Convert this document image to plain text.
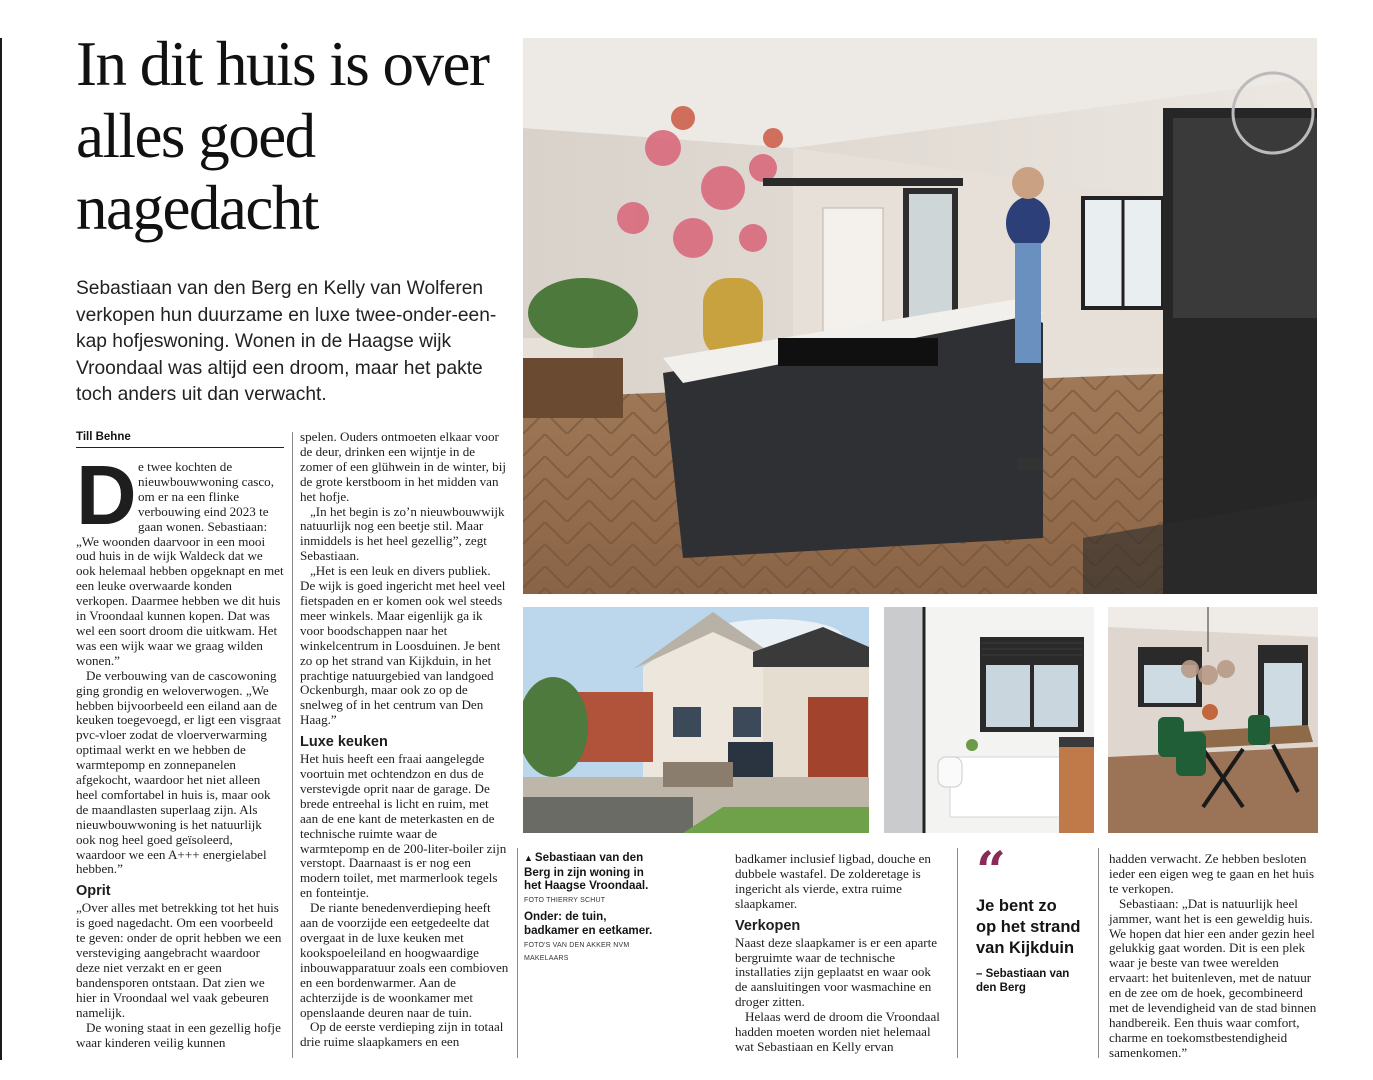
In dit huis is over alles goed nagedacht

Sebastiaan van den Berg en Kelly van Wolferen verkopen hun duurzame en luxe twee-onder-een-kap hofjeswoning. Wonen in de Haagse wijk Vroondaal was altijd een droom, maar het pakte toch anders uit dan verwacht.

Till Behne

De twee kochten de nieuwbouwwoning casco, om er na een flinke verbouwing eind 2023 te gaan wonen. Sebastiaan: „We woonden daarvoor in een mooi oud huis in de wijk Waldeck dat we ook helemaal hebben opgeknapt en met een leuke overwaarde konden verkopen. Daarmee hebben we dit huis in Vroondaal kunnen kopen. Dat was wel een soort droom die uitkwam. Het was een wijk waar we graag wilden wonen.”

De verbouwing van de cascowoning ging grondig en weloverwogen. „We hebben bijvoorbeeld een eiland aan de keuken toegevoegd, er ligt een visgraat pvc-vloer zodat de vloerverwarming optimaal werkt en we hebben de warmtepomp en zonnepanelen afgekocht, waardoor het niet alleen heel comfortabel in huis is, maar ook de maandlasten superlaag zijn. Als nieuwbouwwoning is het natuurlijk ook nog heel goed geïsoleerd, waardoor we een A+++ energielabel hebben.”

Oprit

„Over alles met betrekking tot het huis is goed nagedacht. Om een voorbeeld te geven: onder de oprit hebben we een versteviging aangebracht waardoor deze niet verzakt en er geen bandensporen ontstaan. Dat zien we hier in Vroondaal wel vaak gebeuren namelijk.

De woning staat in een gezellig hofje waar kinderen veilig kunnen

spelen. Ouders ontmoeten elkaar voor de deur, drinken een wijntje in de zomer of een glühwein in de winter, bij de grote kerstboom in het midden van het hofje.

„In het begin is zo’n nieuwbouwwijk natuurlijk nog een beetje stil. Maar inmiddels is het heel gezellig”, zegt Sebastiaan.

„Het is een leuk en divers publiek. De wijk is goed ingericht met heel veel fietspaden en er komen ook wel steeds meer winkels. Maar eigenlijk ga ik voor boodschappen naar het winkelcentrum in Loosduinen. Je bent zo op het strand van Kijkduin, in het prachtige natuurgebied van landgoed Ockenburgh, maar ook zo op de snelweg of in het centrum van Den Haag.”

Luxe keuken

Het huis heeft een fraai aangelegde voortuin met ochtendzon en dus de verstevigde oprit naar de garage. De brede entreehal is licht en ruim, met aan de ene kant de meterkasten en de technische ruimte waar de warmtepomp en de 200-liter-boiler zijn verstopt. Daarnaast is er nog een modern toilet, met marmerlook tegels en fonteintje.

De riante benedenverdieping heeft aan de voorzijde een eetgedeelte dat overgaat in de luxe keuken met kookspoeleiland en hoogwaardige inbouwapparatuur zoals een combioven en een bordenwarmer. Aan de achterzijde is de woonkamer met openslaande deuren naar de tuin.

Op de eerste verdieping zijn in totaal drie ruime slaapkamers en een

▲ Sebastiaan van den Berg in zijn woning in het Haagse Vroondaal.
FOTO THIERRY SCHUT
Onder: de tuin, badkamer en eetkamer.
FOTO'S VAN DEN AKKER NVM MAKELAARS

badkamer inclusief ligbad, douche en dubbele wastafel. De zolderetage is ingericht als vierde, extra ruime slaapkamer.

Verkopen

Naast deze slaapkamer is er een aparte bergruimte waar de technische installaties zijn geplaatst en waar ook de aansluitingen voor wasmachine en droger zitten.

Helaas werd de droom die Vroondaal hadden moeten worden niet helemaal wat Sebastiaan en Kelly ervan

“
Je bent zo op het strand van Kijkduin
– Sebastiaan van den Berg

hadden verwacht. Ze hebben besloten ieder een eigen weg te gaan en het huis te verkopen.

Sebastiaan: „Dat is natuurlijk heel jammer, want het is een geweldig huis. We hopen dat hier een ander gezin heel gelukkig gaat worden. Dit is een plek waar je beste van twee werelden ervaart: het buitenleven, met de natuur en de zee om de hoek, gecombineerd met de levendigheid van de stad binnen handbereik. Een thuis waar comfort, charme en toekomstbestendigheid samenkomen.”
